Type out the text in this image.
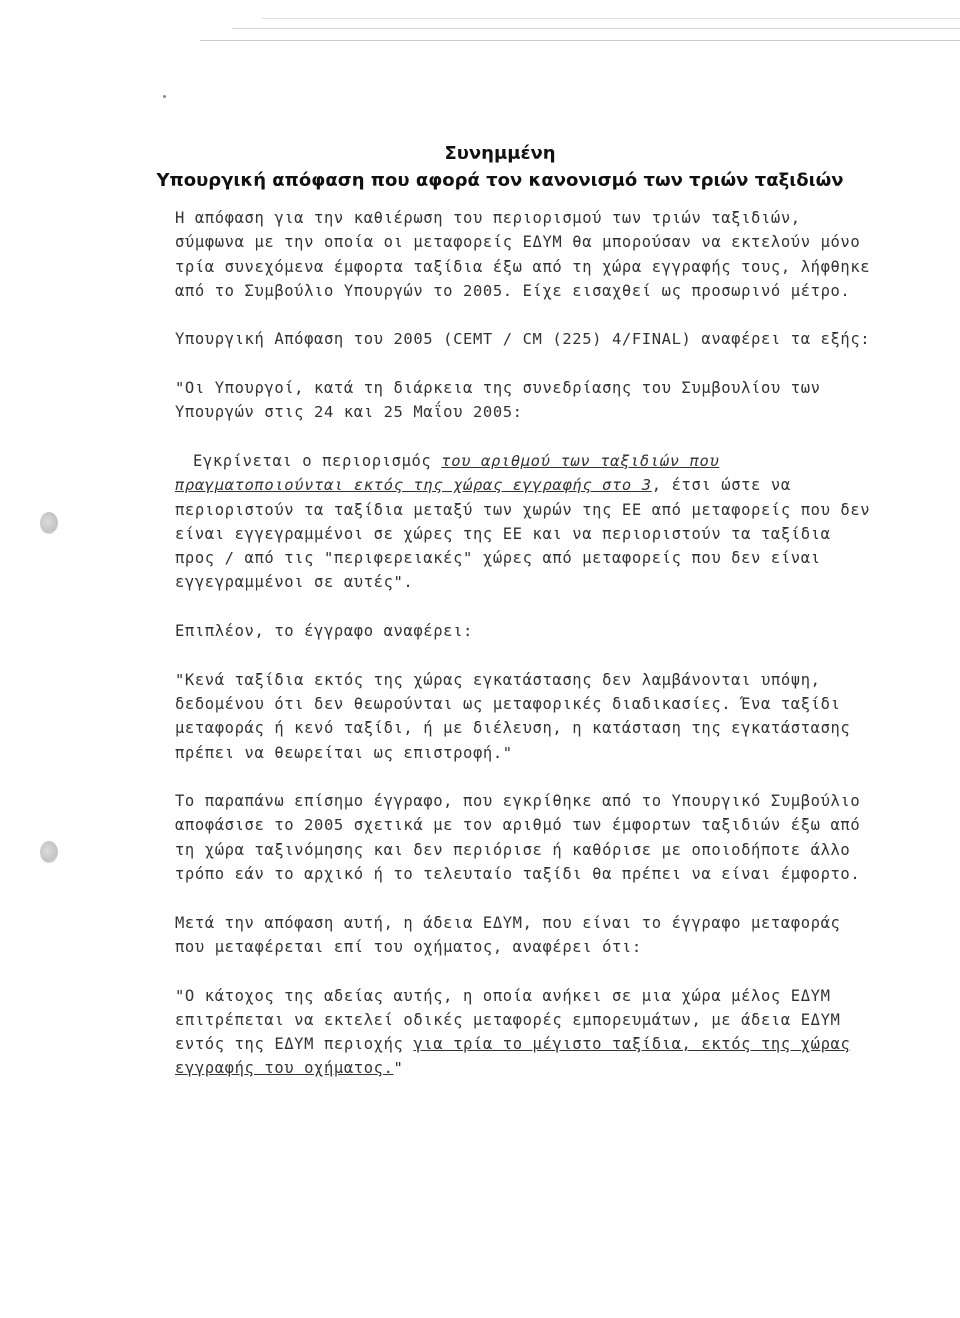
Συνημμένη
Υπουργική απόφαση που αφορά τον κανονισμό των τριών ταξιδιών

Η απόφαση για την καθιέρωση του περιορισμού των τριών ταξιδιών, σύμφωνα με την οποία οι μεταφορείς ΕΔΥΜ θα μπορούσαν να εκτελούν μόνο τρία συνεχόμενα έμφορτα ταξίδια έξω από τη χώρα εγγραφής τους, λήφθηκε από το Συμβούλιο Υπουργών το 2005. Είχε εισαχθεί ως προσωρινό μέτρο.

Υπουργική Απόφαση του 2005 (CEMT / CM (225) 4/FINAL) αναφέρει τα εξής:

"Οι Υπουργοί, κατά τη διάρκεια της συνεδρίασης του Συμβουλίου των Υπουργών στις 24 και 25 Μαΐου 2005:

Εγκρίνεται ο περιορισμός του αριθμού των ταξιδιών που πραγματοποιούνται εκτός της χώρας εγγραφής στο 3, έτσι ώστε να περιοριστούν τα ταξίδια μεταξύ των χωρών της ΕΕ από μεταφορείς που δεν είναι εγγεγραμμένοι σε χώρες της ΕΕ και να περιοριστούν τα ταξίδια προς / από τις "περιφερειακές" χώρες από μεταφορείς που δεν είναι εγγεγραμμένοι σε αυτές".

Επιπλέον, το έγγραφο αναφέρει:

"Κενά ταξίδια εκτός της χώρας εγκατάστασης δεν λαμβάνονται υπόψη, δεδομένου ότι δεν θεωρούνται ως μεταφορικές διαδικασίες. Ένα ταξίδι μεταφοράς ή κενό ταξίδι, ή με διέλευση, η κατάσταση της εγκατάστασης πρέπει να θεωρείται ως επιστροφή."

Το παραπάνω επίσημο έγγραφο, που εγκρίθηκε από το Υπουργικό Συμβούλιο αποφάσισε το 2005 σχετικά με τον αριθμό των έμφορτων ταξιδιών έξω από τη χώρα ταξινόμησης και δεν περιόρισε ή καθόρισε με οποιοδήποτε άλλο τρόπο εάν το αρχικό ή το τελευταίο ταξίδι θα πρέπει να είναι έμφορτο.

Μετά την απόφαση αυτή, η άδεια ΕΔΥΜ, που είναι το έγγραφο μεταφοράς που μεταφέρεται επί του οχήματος, αναφέρει ότι:

"Ο κάτοχος της αδείας αυτής, η οποία ανήκει σε μια χώρα μέλος ΕΔΥΜ επιτρέπεται να εκτελεί οδικές μεταφορές εμπορευμάτων, με άδεια ΕΔΥΜ εντός της ΕΔΥΜ περιοχής για τρία το μέγιστο ταξίδια, εκτός της χώρας εγγραφής του οχήματος."
